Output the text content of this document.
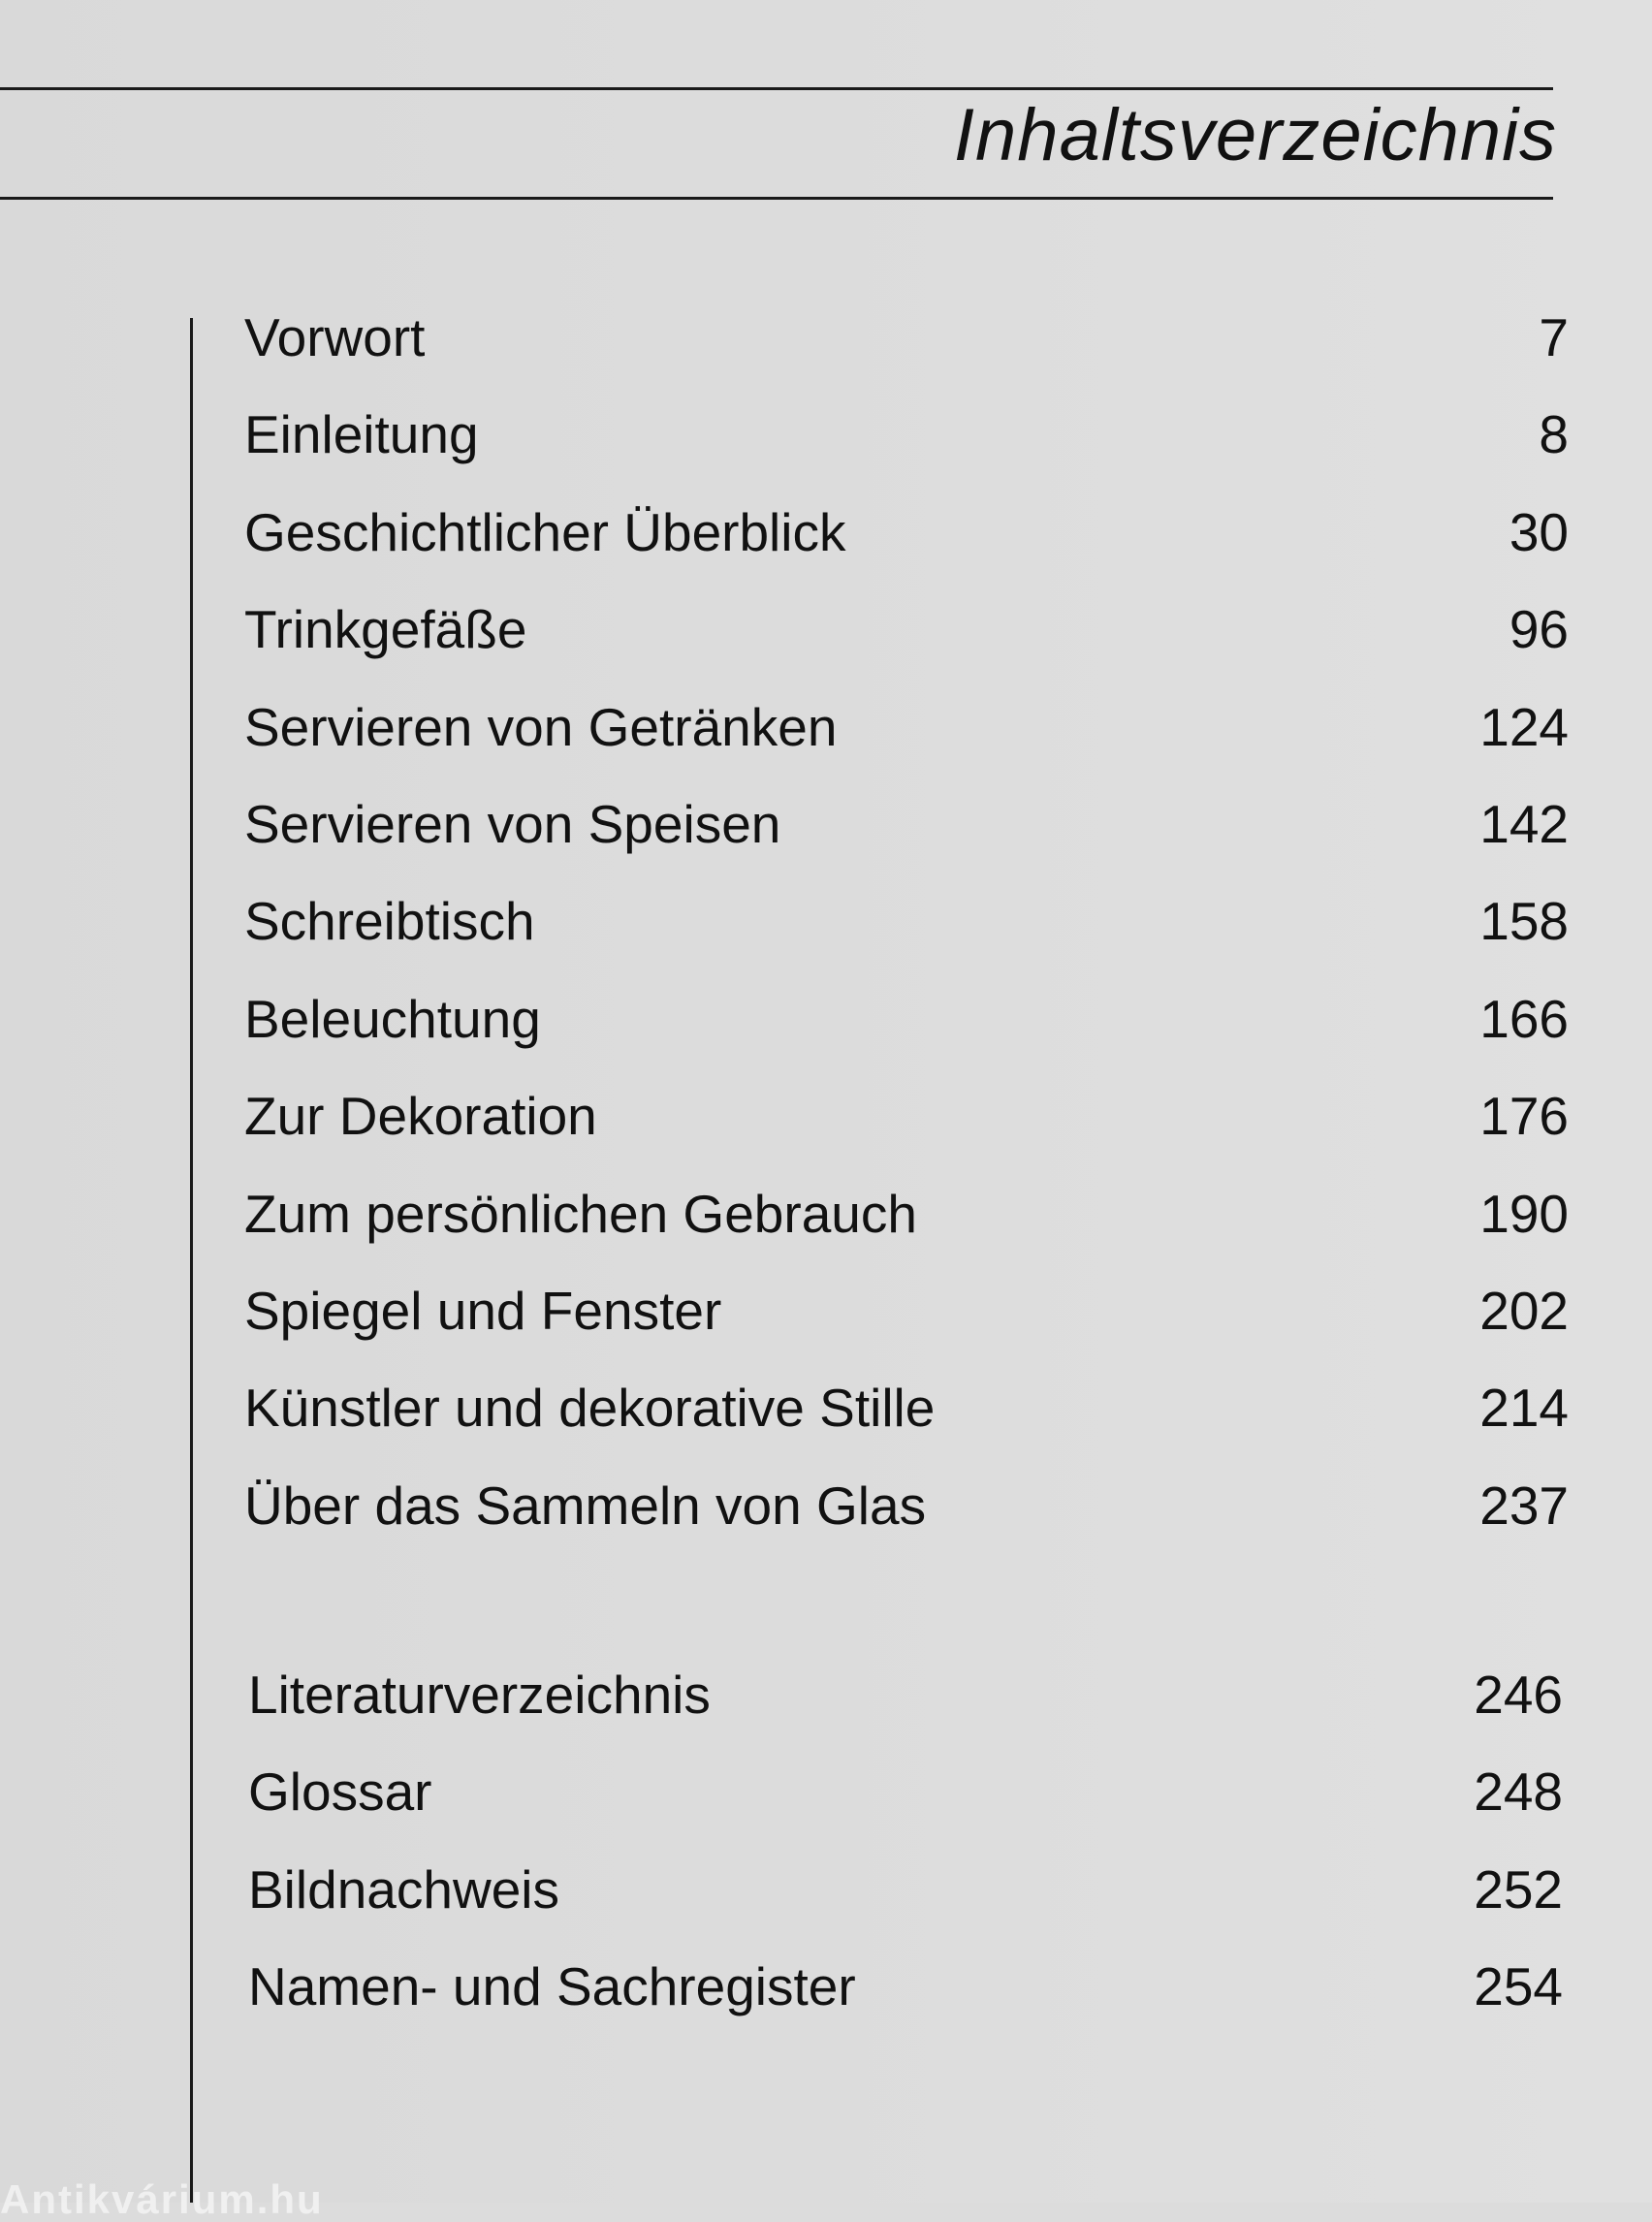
Inhaltsverzeichnis
Vorwort	7
Einleitung	8
Geschichtlicher Überblick	30
Trinkgefäße	96
Servieren von Getränken	124
Servieren von Speisen	142
Schreibtisch	158
Beleuchtung	166
Zur Dekoration	176
Zum persönlichen Gebrauch	190
Spiegel und Fenster	202
Künstler und dekorative Stille	214
Über das Sammeln von Glas	237
Literaturverzeichnis	246
Glossar	248
Bildnachweis	252
Namen- und Sachregister	254
Antikvárium.hu
